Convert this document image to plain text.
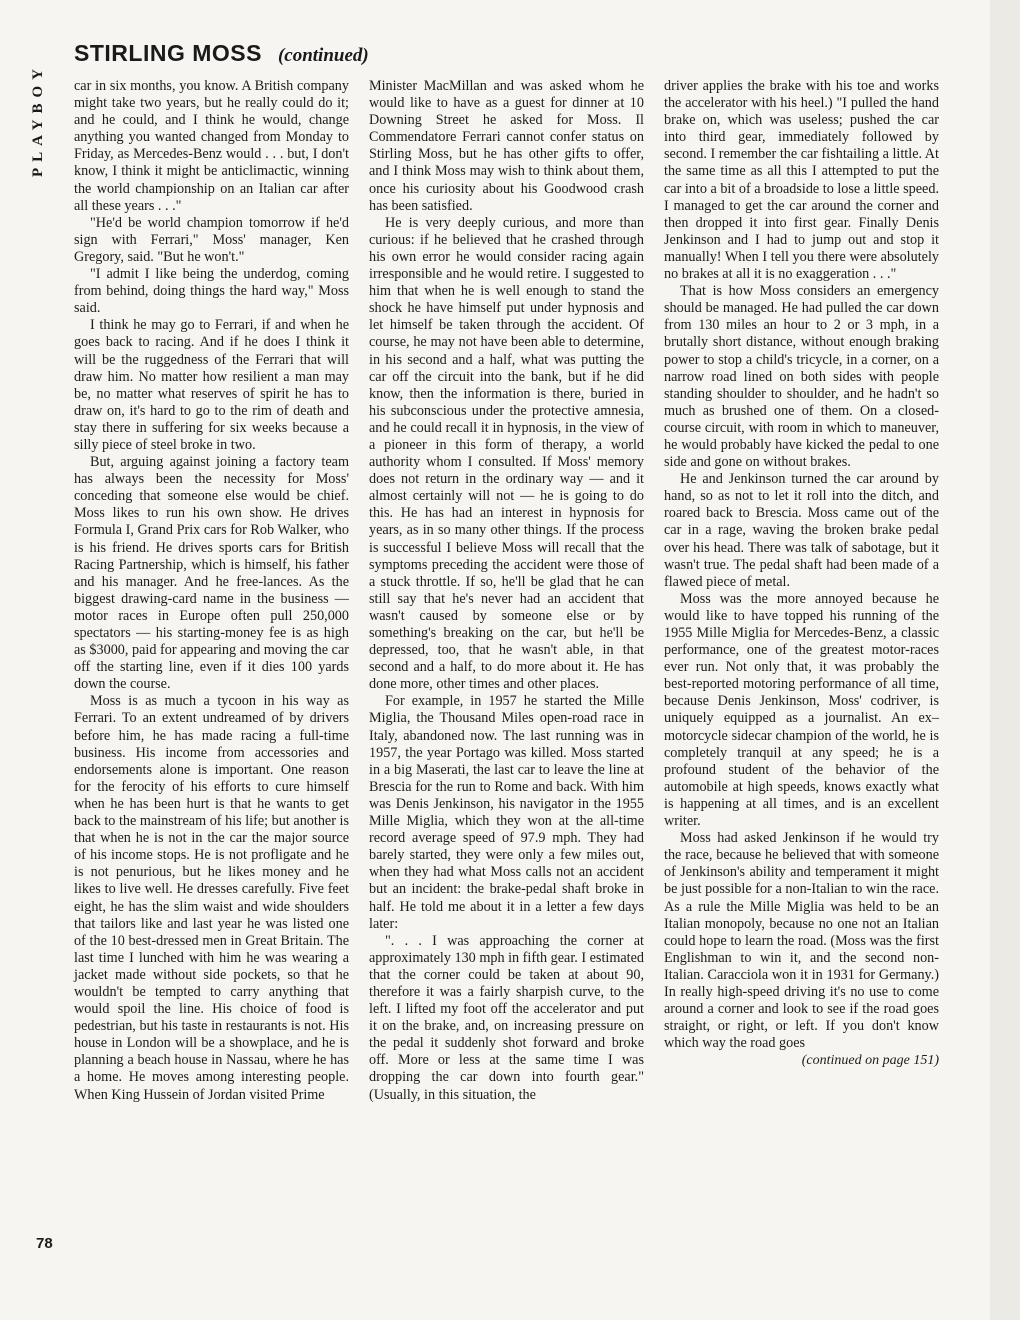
PLAYBOY
STIRLING MOSS (continued)

car in six months, you know. A British company might take two years, but he really could do it; and he could, and I think he would, change anything you wanted changed from Monday to Friday, as Mercedes-Benz would . . . but, I don't know, I think it might be anticlimactic, winning the world championship on an Italian car after all these years . . ."

"He'd be world champion tomorrow if he'd sign with Ferrari," Moss' manager, Ken Gregory, said. "But he won't."

"I admit I like being the underdog, coming from behind, doing things the hard way," Moss said.

I think he may go to Ferrari, if and when he goes back to racing. And if he does I think it will be the ruggedness of the Ferrari that will draw him. No matter how resilient a man may be, no matter what reserves of spirit he has to draw on, it's hard to go to the rim of death and stay there in suffering for six weeks because a silly piece of steel broke in two.

But, arguing against joining a factory team has always been the necessity for Moss' conceding that someone else would be chief. Moss likes to run his own show. He drives Formula I, Grand Prix cars for Rob Walker, who is his friend. He drives sports cars for British Racing Partnership, which is himself, his father and his manager. And he free-lances. As the biggest drawing-card name in the business — motor races in Europe often pull 250,000 spectators — his starting-money fee is as high as $3000, paid for appearing and moving the car off the starting line, even if it dies 100 yards down the course.

Moss is as much a tycoon in his way as Ferrari. To an extent undreamed of by drivers before him, he has made racing a full-time business. His income from accessories and endorsements alone is important. One reason for the ferocity of his efforts to cure himself when he has been hurt is that he wants to get back to the mainstream of his life; but another is that when he is not in the car the major source of his income stops. He is not profligate and he is not penurious, but he likes money and he likes to live well. He dresses carefully. Five feet eight, he has the slim waist and wide shoulders that tailors like and last year he was listed one of the 10 best-dressed men in Great Britain. The last time I lunched with him he was wearing a jacket made without side pockets, so that he wouldn't be tempted to carry anything that would spoil the line. His choice of food is pedestrian, but his taste in restaurants is not. His house in London will be a showplace, and he is planning a beach house in Nassau, where he has a home. He moves among interesting people. When King Hussein of Jordan visited Prime

Minister MacMillan and was asked whom he would like to have as a guest for dinner at 10 Downing Street he asked for Moss. Il Commendatore Ferrari cannot confer status on Stirling Moss, but he has other gifts to offer, and I think Moss may wish to think about them, once his curiosity about his Goodwood crash has been satisfied.

He is very deeply curious, and more than curious: if he believed that he crashed through his own error he would consider racing again irresponsible and he would retire. I suggested to him that when he is well enough to stand the shock he have himself put under hypnosis and let himself be taken through the accident. Of course, he may not have been able to determine, in his second and a half, what was putting the car off the circuit into the bank, but if he did know, then the information is there, buried in his subconscious under the protective amnesia, and he could recall it in hypnosis, in the view of a pioneer in this form of therapy, a world authority whom I consulted. If Moss' memory does not return in the ordinary way — and it almost certainly will not — he is going to do this. He has had an interest in hypnosis for years, as in so many other things. If the process is successful I believe Moss will recall that the symptoms preceding the accident were those of a stuck throttle. If so, he'll be glad that he can still say that he's never had an accident that wasn't caused by someone else or by something's breaking on the car, but he'll be depressed, too, that he wasn't able, in that second and a half, to do more about it. He has done more, other times and other places.

For example, in 1957 he started the Mille Miglia, the Thousand Miles open-road race in Italy, abandoned now. The last running was in 1957, the year Portago was killed. Moss started in a big Maserati, the last car to leave the line at Brescia for the run to Rome and back. With him was Denis Jenkinson, his navigator in the 1955 Mille Miglia, which they won at the all-time record average speed of 97.9 mph. They had barely started, they were only a few miles out, when they had what Moss calls not an accident but an incident: the brake-pedal shaft broke in half. He told me about it in a letter a few days later:

". . . I was approaching the corner at approximately 130 mph in fifth gear. I estimated that the corner could be taken at about 90, therefore it was a fairly sharpish curve, to the left. I lifted my foot off the accelerator and put it on the brake, and, on increasing pressure on the pedal it suddenly shot forward and broke off. More or less at the same time I was dropping the car down into fourth gear." (Usually, in this situation, the

driver applies the brake with his toe and works the accelerator with his heel.) "I pulled the hand brake on, which was useless; pushed the car into third gear, immediately followed by second. I remember the car fishtailing a little. At the same time as all this I attempted to put the car into a bit of a broadside to lose a little speed. I managed to get the car around the corner and then dropped it into first gear. Finally Denis Jenkinson and I had to jump out and stop it manually! When I tell you there were absolutely no brakes at all it is no exaggeration . . ."

That is how Moss considers an emergency should be managed. He had pulled the car down from 130 miles an hour to 2 or 3 mph, in a brutally short distance, without enough braking power to stop a child's tricycle, in a corner, on a narrow road lined on both sides with people standing shoulder to shoulder, and he hadn't so much as brushed one of them. On a closed-course circuit, with room in which to maneuver, he would probably have kicked the pedal to one side and gone on without brakes.

He and Jenkinson turned the car around by hand, so as not to let it roll into the ditch, and roared back to Brescia. Moss came out of the car in a rage, waving the broken brake pedal over his head. There was talk of sabotage, but it wasn't true. The pedal shaft had been made of a flawed piece of metal.

Moss was the more annoyed because he would like to have topped his running of the 1955 Mille Miglia for Mercedes-Benz, a classic performance, one of the greatest motor-races ever run. Not only that, it was probably the best-reported motoring performance of all time, because Denis Jenkinson, Moss' codriver, is uniquely equipped as a journalist. An ex–motorcycle sidecar champion of the world, he is completely tranquil at any speed; he is a profound student of the behavior of the automobile at high speeds, knows exactly what is happening at all times, and is an excellent writer.

Moss had asked Jenkinson if he would try the race, because he believed that with someone of Jenkinson's ability and temperament it might be just possible for a non-Italian to win the race. As a rule the Mille Miglia was held to be an Italian monopoly, because no one not an Italian could hope to learn the road. (Moss was the first Englishman to win it, and the second non-Italian. Caracciola won it in 1931 for Germany.) In really high-speed driving it's no use to come around a corner and look to see if the road goes straight, or right, or left. If you don't know which way the road goes

(continued on page 151)
78
